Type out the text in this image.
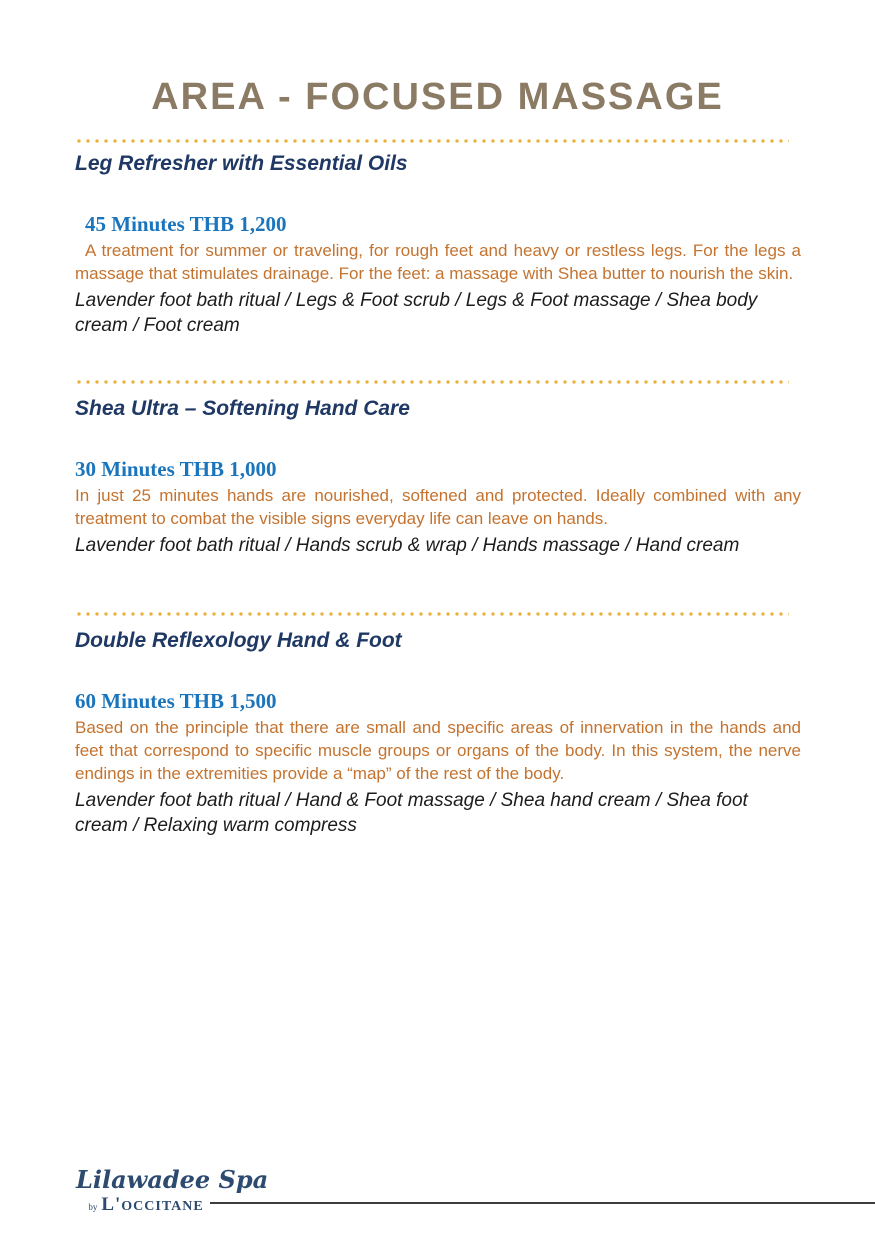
AREA - FOCUSED MASSAGE
Leg Refresher with Essential Oils
45 Minutes THB 1,200
A treatment for summer or traveling, for rough feet and heavy or restless legs. For the legs a massage that stimulates drainage. For the feet: a massage with Shea butter to nourish the skin.
Lavender foot bath ritual / Legs & Foot scrub / Legs & Foot massage / Shea body cream / Foot cream
Shea Ultra – Softening Hand Care
30 Minutes THB 1,000
In just 25 minutes hands are nourished, softened and protected. Ideally combined with any treatment to combat the visible signs everyday life can leave on hands.
Lavender foot bath ritual / Hands scrub & wrap / Hands massage / Hand cream
Double Reflexology Hand & Foot
60 Minutes THB 1,500
Based on the principle that there are small and specific areas of innervation in the hands and feet that correspond to specific muscle groups or organs of the body. In this system, the nerve endings in the extremities provide a “map” of the rest of the body.
Lavender foot bath ritual / Hand & Foot massage / Shea hand cream / Shea foot cream / Relaxing warm compress
Lilawadee Spa
by L'OCCITANE
